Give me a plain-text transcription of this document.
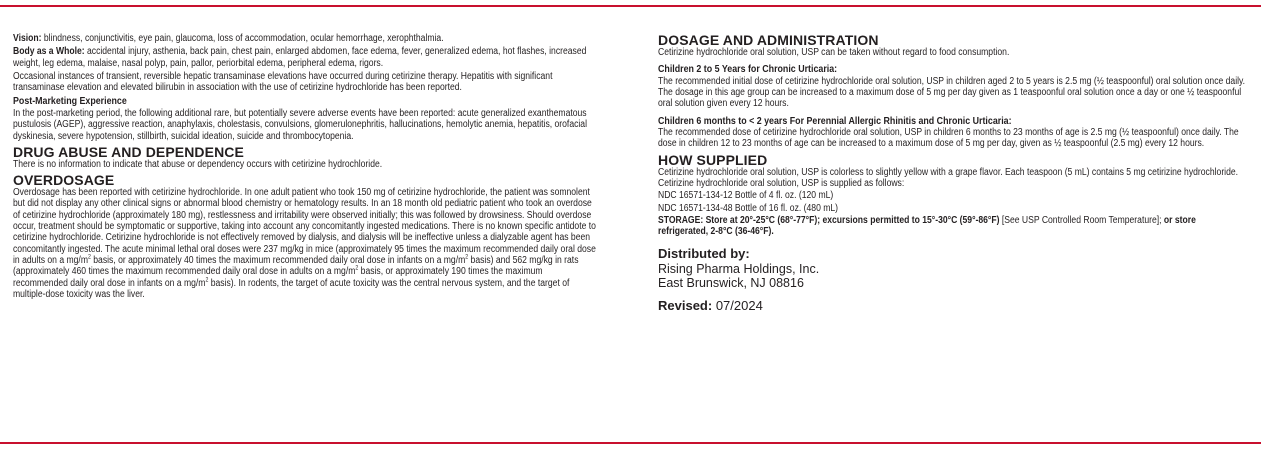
Vision: blindness, conjunctivitis, eye pain, glaucoma, loss of accommodation, ocular hemorrhage, xerophthalmia.

Body as a Whole: accidental injury, asthenia, back pain, chest pain, enlarged abdomen, face edema, fever, generalized edema, hot flashes, increased weight, leg edema, malaise, nasal polyp, pain, pallor, periorbital edema, peripheral edema, rigors.

Occasional instances of transient, reversible hepatic transaminase elevations have occurred during cetirizine therapy. Hepatitis with significant transaminase elevation and elevated bilirubin in association with the use of cetirizine hydrochloride has been reported.

Post-Marketing Experience

In the post-marketing period, the following additional rare, but potentially severe adverse events have been reported: acute generalized exanthematous pustulosis (AGEP), aggressive reaction, anaphylaxis, cholestasis, convulsions, glomerulonephritis, hallucinations, hemolytic anemia, hepatitis, orofacial dyskinesia, severe hypotension, stillbirth, suicidal ideation, suicide and thrombocytopenia.

DRUG ABUSE AND DEPENDENCE

There is no information to indicate that abuse or dependency occurs with cetirizine hydrochloride.

OVERDOSAGE

Overdosage has been reported with cetirizine hydrochloride. In one adult patient who took 150 mg of cetirizine hydrochloride, the patient was somnolent but did not display any other clinical signs or abnormal blood chemistry or hematology results. In an 18 month old pediatric patient who took an overdose of cetirizine hydrochloride (approximately 180 mg), restlessness and irritability were observed initially; this was followed by drowsiness. Should overdose occur, treatment should be symptomatic or supportive, taking into account any concomitantly ingested medications. There is no known specific antidote to cetirizine hydrochloride. Cetirizine hydrochloride is not effectively removed by dialysis, and dialysis will be ineffective unless a dialyzable agent has been concomitantly ingested. The acute minimal lethal oral doses were 237 mg/kg in mice (approximately 95 times the maximum recommended daily oral dose in adults on a $mg/m^2$ basis, or approximately 40 times the maximum recommended daily oral dose in infants on a $mg/m^2$ basis) and 562 mg/kg in rats (approximately 460 times the maximum recommended daily oral dose in adults on a $mg/m^2$ basis, or approximately 190 times the maximum recommended daily oral dose in infants on a $mg/m^2$ basis). In rodents, the target of acute toxicity was the central nervous system, and the target of multiple-dose toxicity was the liver.

DOSAGE AND ADMINISTRATION

Cetirizine hydrochloride oral solution, USP can be taken without regard to food consumption.

Children 2 to 5 Years for Chronic Urticaria:

The recommended initial dose of cetirizine hydrochloride oral solution, USP in children aged 2 to 5 years is 2.5 mg (½ teaspoonful) oral solution once daily. The dosage in this age group can be increased to a maximum dose of 5 mg per day given as 1 teaspoonful oral solution once a day or one ½ teaspoonful oral solution given every 12 hours.

Children 6 months to < 2 years For Perennial Allergic Rhinitis and Chronic Urticaria:

The recommended dose of cetirizine hydrochloride oral solution, USP in children 6 months to 23 months of age is 2.5 mg (½ teaspoonful) once daily. The dose in children 12 to 23 months of age can be increased to a maximum dose of 5 mg per day, given as ½ teaspoonful (2.5 mg) every 12 hours.

HOW SUPPLIED

Cetirizine hydrochloride oral solution, USP is colorless to slightly yellow with a grape flavor. Each teaspoon (5 mL) contains 5 mg cetirizine hydrochloride. Cetirizine hydrochloride oral solution, USP is supplied as follows:

NDC 16571-134-12 Bottle of 4 fl. oz. (120 mL)

NDC 16571-134-48 Bottle of 16 fl. oz. (480 mL)

STORAGE: Store at 20°-25°C (68°-77°F); excursions permitted to 15°-30°C (59°-86°F) [See USP Controlled Room Temperature]; or store refrigerated, 2-8°C (36-46°F).

Distributed by:
Rising Pharma Holdings, Inc.
East Brunswick, NJ 08816
Revised: 07/2024
